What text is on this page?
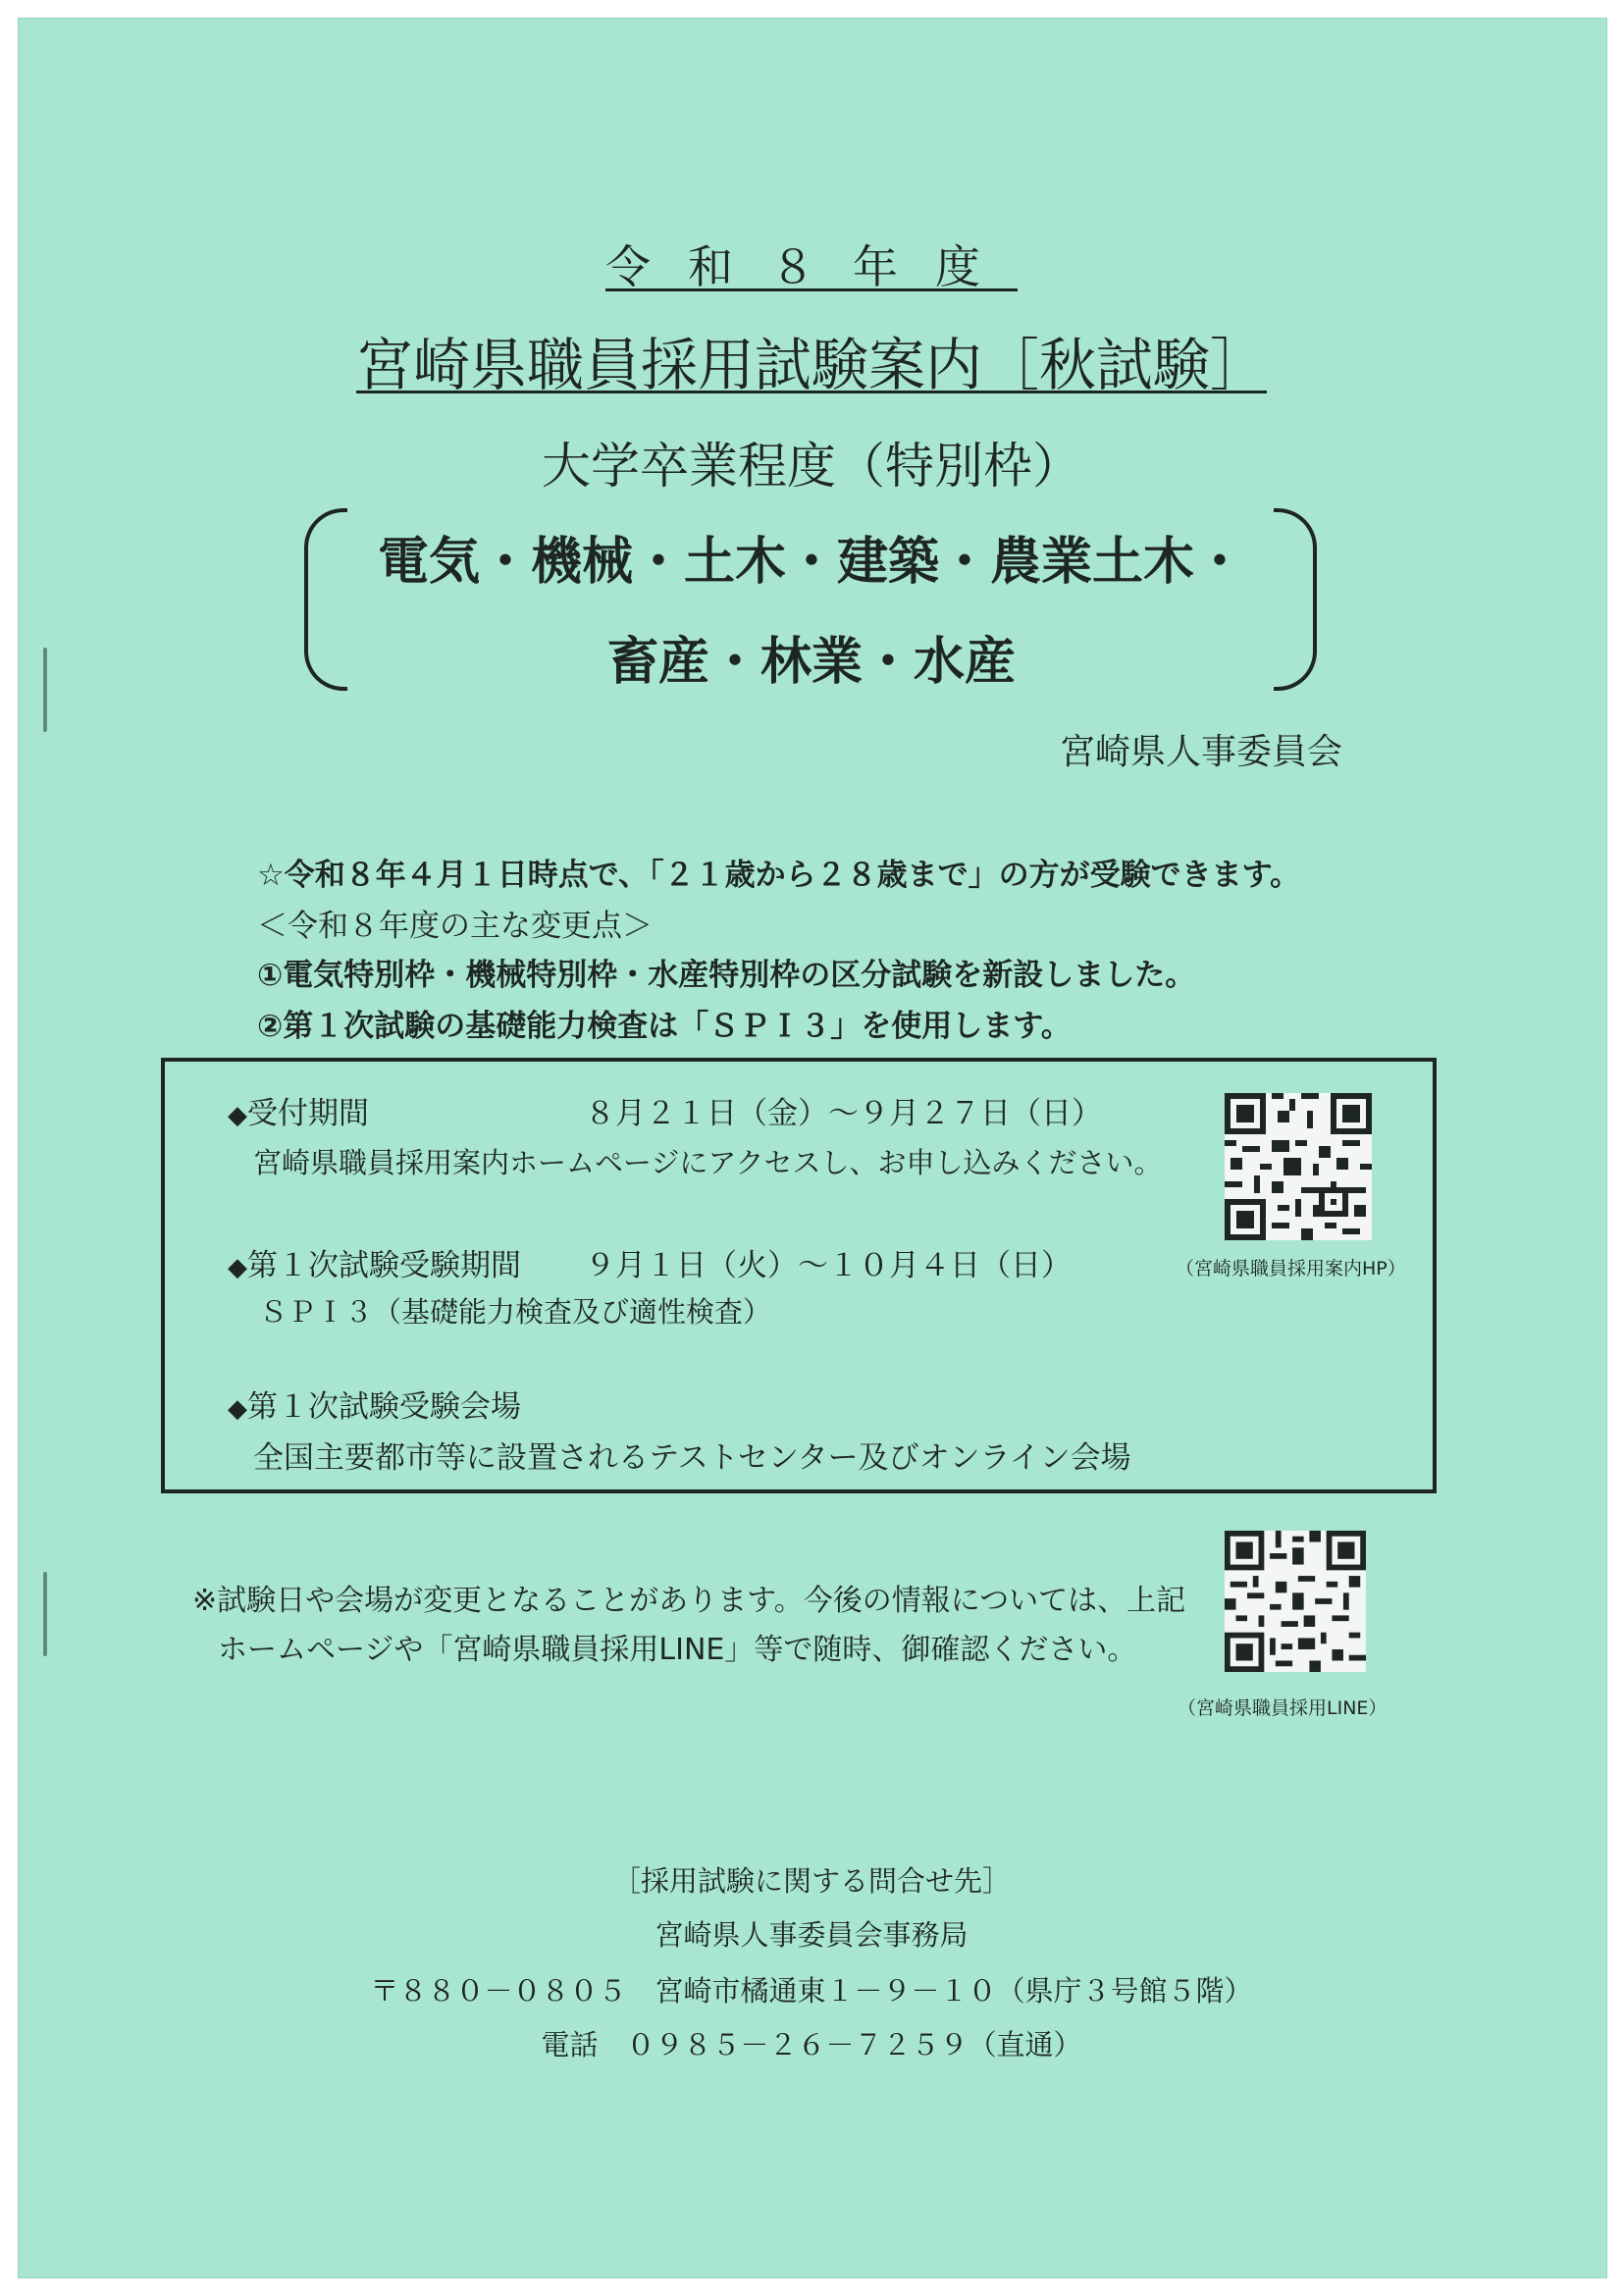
令和８年度
宮崎県職員採用試験案内［秋試験］
大学卒業程度（特別枠）
電気・機械・土木・建築・農業土木・
畜産・林業・水産
宮崎県人事委員会
☆令和８年４月１日時点で、「２１歳から２８歳まで」の方が受験できます。
＜令和８年度の主な変更点＞
①電気特別枠・機械特別枠・水産特別枠の区分試験を新設しました。
②第１次試験の基礎能力検査は「ＳＰＩ３」を使用します。
◆受付期間	８月２１日（金）～９月２７日（日）
宮崎県職員採用案内ホームページにアクセスし、お申し込みください。
◆第１次試験受験期間 ９月１日（火）～１０月４日（日）
ＳＰＩ３（基礎能力検査及び適性検査）
◆第１次試験受験会場
全国主要都市等に設置されるテストセンター及びオンライン会場
（宮崎県職員採用案内HP）
※試験日や会場が変更となることがあります。今後の情報については、上記
ホームページや「宮崎県職員採用LINE」等で随時、御確認ください。
（宮崎県職員採用LINE）
［採用試験に関する問合せ先］
宮崎県人事委員会事務局
〒８８０－０８０５　宮崎市橘通東１－９－１０（県庁３号館５階）
電話　０９８５－２６－７２５９（直通）
